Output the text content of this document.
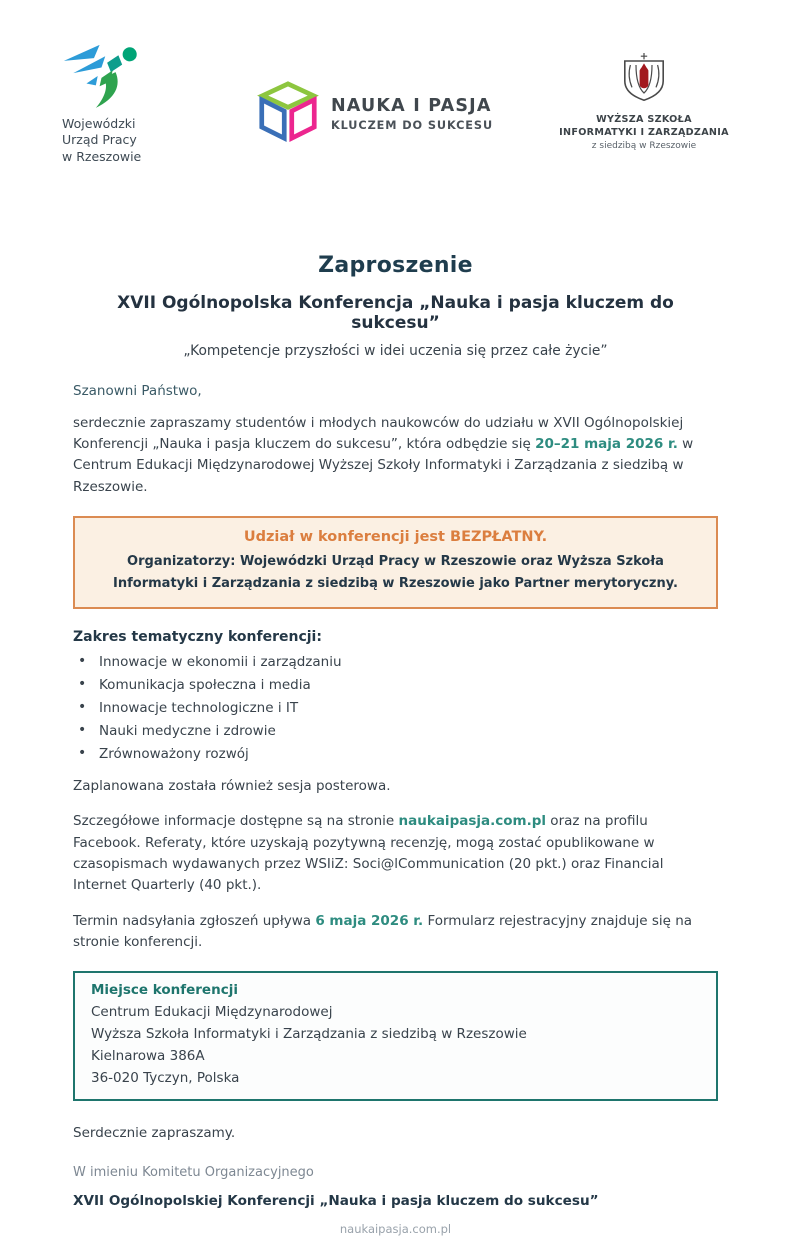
Wojewódzki
Urząd Pracy
w Rzeszowie
NAUKA I PASJA
KLUCZEM DO SUKCESU	WYŻSZA SZKOŁA
INFORMATYKI I ZARZĄDZANIA
z siedzibą w Rzeszowie
Zaproszenie
XVII Ogólnopolska Konferencja „Nauka i pasja kluczem do sukcesu”
„Kompetencje przyszłości w idei uczenia się przez całe życie”

Szanowni Państwo,

serdecznie zapraszamy studentów i młodych naukowców do udziału w XVII Ogólnopolskiej Konferencji „Nauka i pasja kluczem do sukcesu”, która odbędzie się 20–21 maja 2026 r. w Centrum Edukacji Międzynarodowej Wyższej Szkoły Informatyki i Zarządzania z siedzibą w Rzeszowie.

Udział w konferencji jest BEZPŁATNY.
Organizatorzy: Wojewódzki Urząd Pracy w Rzeszowie oraz Wyższa Szkoła Informatyki i Zarządzania z siedzibą w Rzeszowie jako Partner merytoryczny.
Zakres tematyczny konferencji:
• Innowacje w ekonomii i zarządzaniu
• Komunikacja społeczna i media
• Innowacje technologiczne i IT
• Nauki medyczne i zdrowie
• Zrównoważony rozwój

Zaplanowana została również sesja posterowa.

Szczegółowe informacje dostępne są na stronie naukaipasja.com.pl oraz na profilu Facebook. Referaty, które uzyskają pozytywną recenzję, mogą zostać opublikowane w czasopismach wydawanych przez WSIiZ: Soci@lCommunication (20 pkt.) oraz Financial Internet Quarterly (40 pkt.).

Termin nadsyłania zgłoszeń upływa 6 maja 2026 r. Formularz rejestracyjny znajduje się na stronie konferencji.

Miejsce konferencji
Centrum Edukacji Międzynarodowej
Wyższa Szkoła Informatyki i Zarządzania z siedzibą w Rzeszowie
Kielnarowa 386A
36-020 Tyczyn, Polska

Serdecznie zapraszamy.

W imieniu Komitetu Organizacyjnego

XVII Ogólnopolskiej Konferencji „Nauka i pasja kluczem do sukcesu”

naukaipasja.com.pl
